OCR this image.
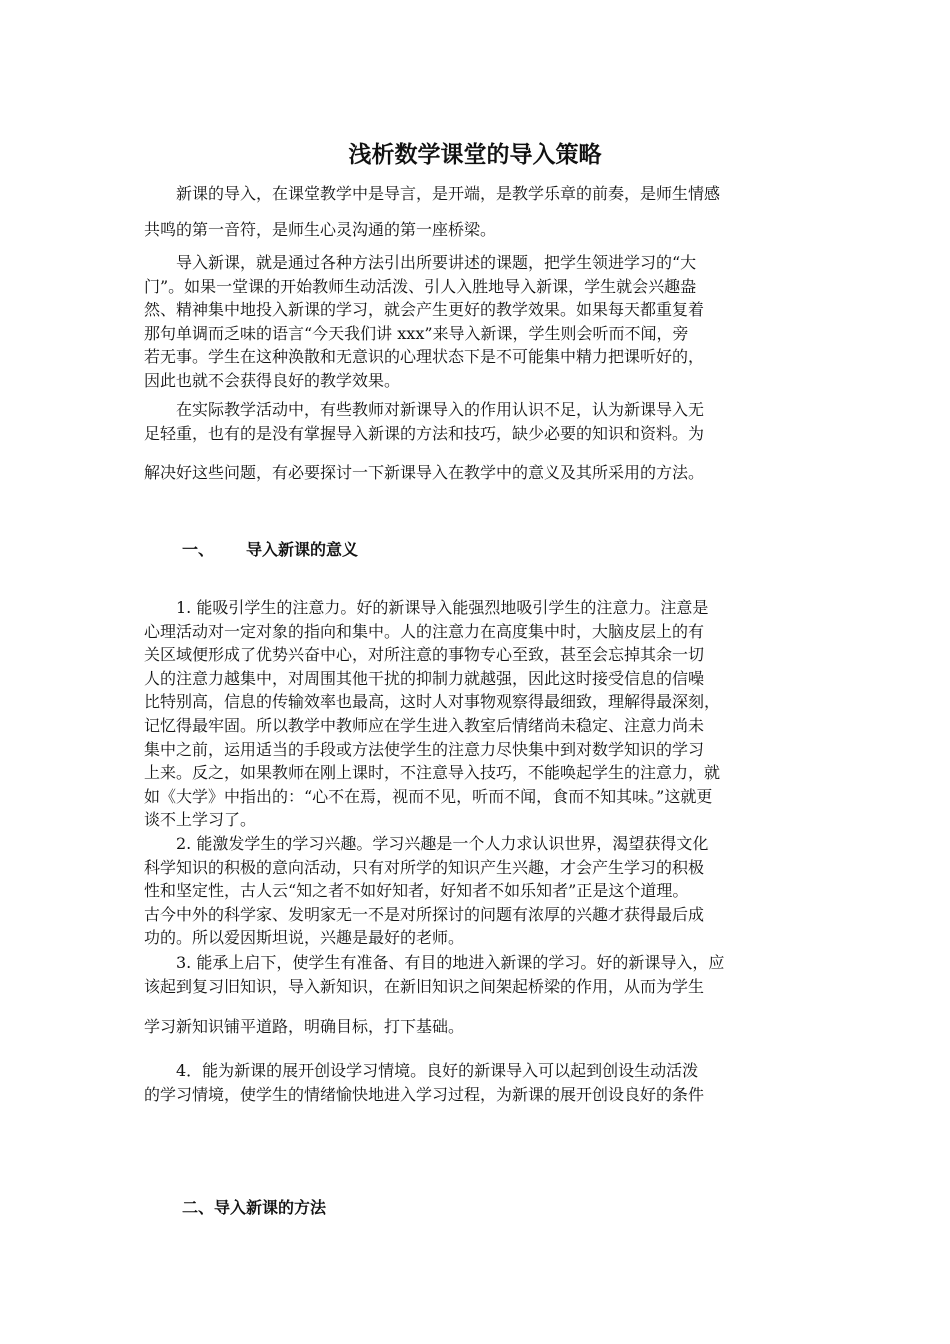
浅析数学课堂的导入策略

　　新课的导入，在课堂教学中是导言，是开端，是教学乐章的前奏，是师生情感
共鸣的第一音符，是师生心灵沟通的第一座桥梁。

　　导入新课，就是通过各种方法引出所要讲述的课题，把学生领进学习的“大
门”。如果一堂课的开始教师生动活泼、引人入胜地导入新课，学生就会兴趣盎
然、精神集中地投入新课的学习，就会产生更好的教学效果。如果每天都重复着
那句单调而乏味的语言“今天我们讲 xxx”来导入新课，学生则会听而不闻，旁
若无事。学生在这种涣散和无意识的心理状态下是不可能集中精力把课听好的，
因此也就不会获得良好的教学效果。

　　在实际教学活动中，有些教师对新课导入的作用认识不足，认为新课导入无
足轻重，也有的是没有掌握导入新课的方法和技巧，缺少必要的知识和资料。为

解决好这些问题，有必要探讨一下新课导入在教学中的意义及其所采用的方法。

一、 导入新课的意义

　　1. 能吸引学生的注意力。好的新课导入能强烈地吸引学生的注意力。注意是
心理活动对一定对象的指向和集中。人的注意力在高度集中时，大脑皮层上的有
关区域便形成了优势兴奋中心，对所注意的事物专心至致，甚至会忘掉其余一切
人的注意力越集中，对周围其他干扰的抑制力就越强，因此这时接受信息的信噪
比特别高，信息的传输效率也最高，这时人对事物观察得最细致，理解得最深刻，
记忆得最牢固。所以教学中教师应在学生进入教室后情绪尚未稳定、注意力尚未
集中之前，运用适当的手段或方法使学生的注意力尽快集中到对数学知识的学习
上来。反之，如果教师在刚上课时，不注意导入技巧，不能唤起学生的注意力，就
如《大学》中指出的：“心不在焉，视而不见，听而不闻，食而不知其味。”这就更
谈不上学习了。

　　2. 能激发学生的学习兴趣。学习兴趣是一个人力求认识世界，渴望获得文化
科学知识的积极的意向活动，只有对所学的知识产生兴趣，才会产生学习的积极
性和坚定性，古人云“知之者不如好知者，好知者不如乐知者”正是这个道理。
古今中外的科学家、发明家无一不是对所探讨的问题有浓厚的兴趣才获得最后成
功的。所以爱因斯坦说，兴趣是最好的老师。

　　3. 能承上启下，使学生有准备、有目的地进入新课的学习。好的新课导入，应
该起到复习旧知识，导入新知识，在新旧知识之间架起桥梁的作用，从而为学生

学习新知识铺平道路，明确目标，打下基础。

　　4．能为新课的展开创设学习情境。良好的新课导入可以起到创设生动活泼
的学习情境，使学生的情绪愉快地进入学习过程，为新课的展开创设良好的条件

二、导入新课的方法
